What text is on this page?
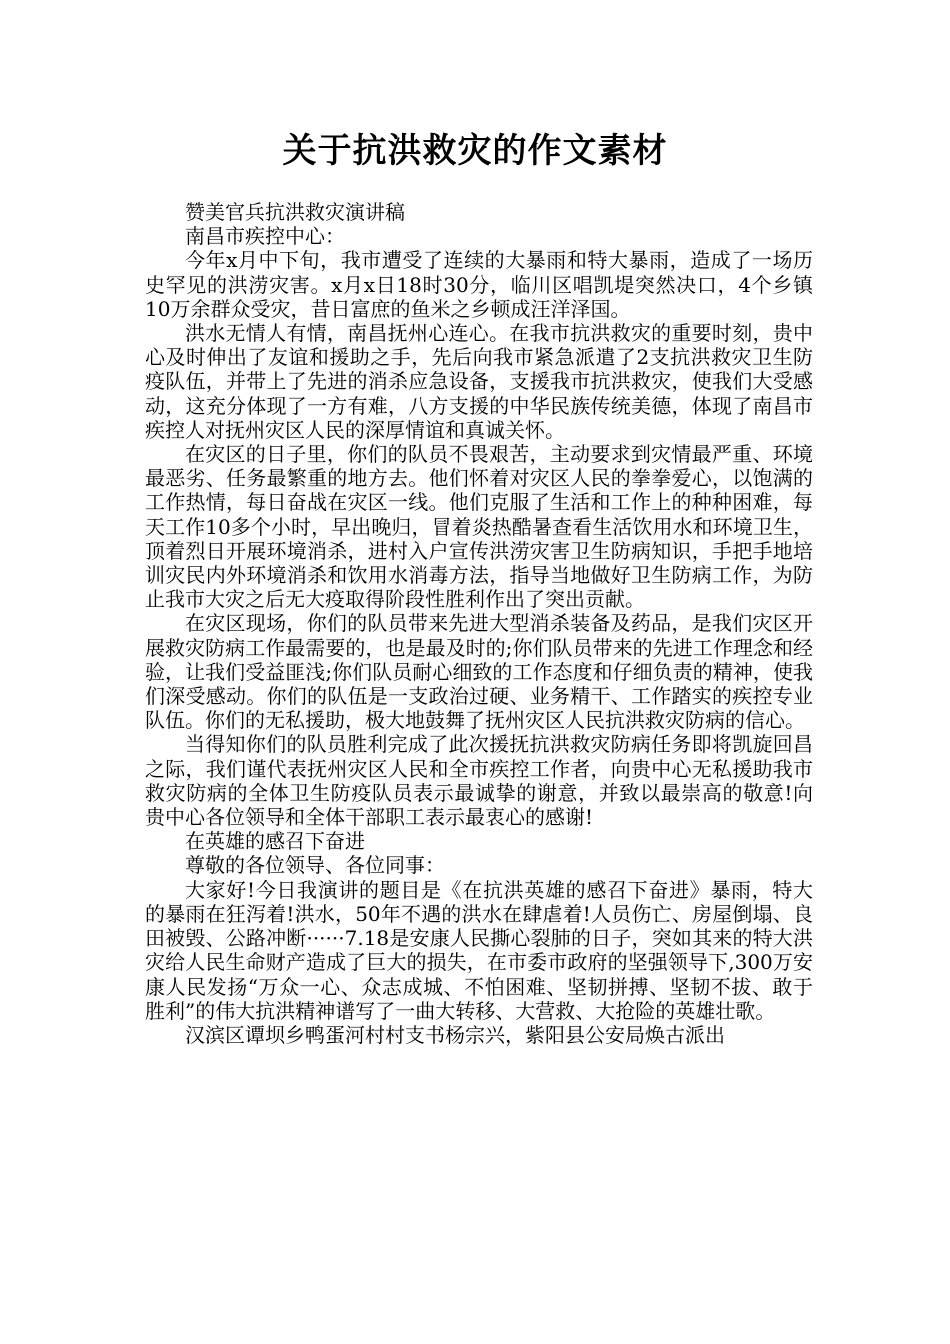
关于抗洪救灾的作文素材

赞美官兵抗洪救灾演讲稿

南昌市疾控中心：

今年x月中下旬，我市遭受了连续的大暴雨和特大暴雨，造成了一场历史罕见的洪涝灾害。x月x日18时30分，临川区唱凯堤突然决口，4个乡镇10万余群众受灾，昔日富庶的鱼米之乡顿成汪洋泽国。

洪水无情人有情，南昌抚州心连心。在我市抗洪救灾的重要时刻，贵中心及时伸出了友谊和援助之手，先后向我市紧急派遣了2支抗洪救灾卫生防疫队伍，并带上了先进的消杀应急设备，支援我市抗洪救灾，使我们大受感动，这充分体现了一方有难，八方支援的中华民族传统美德，体现了南昌市疾控人对抚州灾区人民的深厚情谊和真诚关怀。

在灾区的日子里，你们的队员不畏艰苦，主动要求到灾情最严重、环境最恶劣、任务最繁重的地方去。他们怀着对灾区人民的拳拳爱心，以饱满的工作热情，每日奋战在灾区一线。他们克服了生活和工作上的种种困难，每天工作10多个小时，早出晚归，冒着炎热酷暑查看生活饮用水和环境卫生，顶着烈日开展环境消杀，进村入户宣传洪涝灾害卫生防病知识，手把手地培训灾民内外环境消杀和饮用水消毒方法，指导当地做好卫生防病工作，为防止我市大灾之后无大疫取得阶段性胜利作出了突出贡献。

在灾区现场，你们的队员带来先进大型消杀装备及药品，是我们灾区开展救灾防病工作最需要的，也是最及时的;你们队员带来的先进工作理念和经验，让我们受益匪浅;你们队员耐心细致的工作态度和仔细负责的精神，使我们深受感动。你们的队伍是一支政治过硬、业务精干、工作踏实的疾控专业队伍。你们的无私援助，极大地鼓舞了抚州灾区人民抗洪救灾防病的信心。

当得知你们的队员胜利完成了此次援抚抗洪救灾防病任务即将凯旋回昌之际，我们谨代表抚州灾区人民和全市疾控工作者，向贵中心无私援助我市救灾防病的全体卫生防疫队员表示最诚挚的谢意，并致以最崇高的敬意!向贵中心各位领导和全体干部职工表示最衷心的感谢!

在英雄的感召下奋进

尊敬的各位领导、各位同事：

大家好!今日我演讲的题目是《在抗洪英雄的感召下奋进》暴雨，特大的暴雨在狂泻着!洪水，50年不遇的洪水在肆虐着!人员伤亡、房屋倒塌、良田被毁、公路冲断······7.18是安康人民撕心裂肺的日子，突如其来的特大洪灾给人民生命财产造成了巨大的损失，在市委市政府的坚强领导下,300万安康人民发扬“万众一心、众志成城、不怕困难、坚韧拼搏、坚韧不拔、敢于胜利”的伟大抗洪精神谱写了一曲大转移、大营救、大抢险的英雄壮歌。

汉滨区谭坝乡鸭蛋河村村支书杨宗兴，紫阳县公安局焕古派出
